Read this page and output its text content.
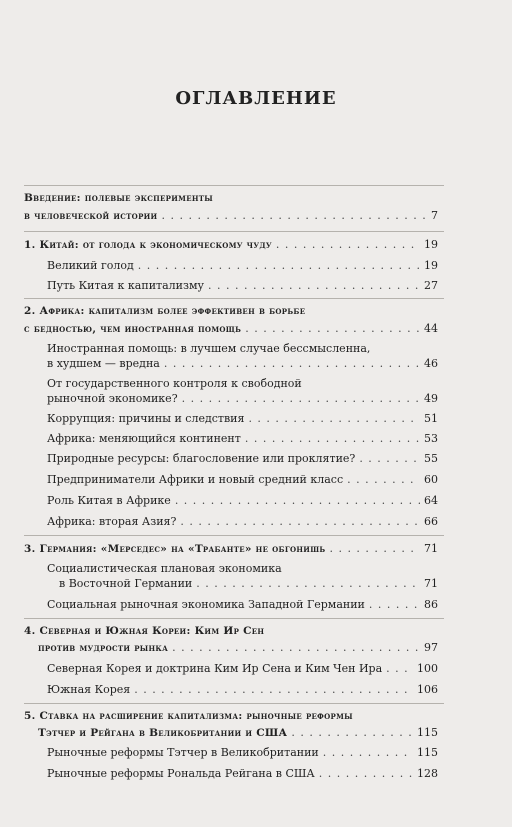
ОГЛАВЛЕНИЕ
Введение: полевые эксперименты
в человеческой истории . . .	7
1. Китай: от голода к экономическому чуду . . .	19
Великий голод . . .	19
Путь Китая к капитализму . . .	27
2. Африка: капитализм более эффективен в борьбе
с бедностью, чем иностранная помощь . . .	44
Иностранная помощь: в лучшем случае бессмысленна,
в худшем — вредна . . .	46
От государственного контроля к свободной
рыночной экономике? . . .	49
Коррупция: причины и следствия . . .	51
Африка: меняющийся континент . . .	53
Природные ресурсы: благословение или проклятие? . . .	55
Предприниматели Африки и новый средний класс . . .	60
Роль Китая в Африке . . .	64
Африка: вторая Азия? . . .	66
3. Германия: «Мерседес» на «Трабанте» не обгонишь . . .	71
Социалистическая плановая экономика
в Восточной Германии . . .	71
Социальная рыночная экономика Западной Германии . . .	86
4. Северная и Южная Кореи: Ким Ир Сен
против мудрости рынка . . .	97
Северная Корея и доктрина Ким Ир Сена и Ким Чен Ира . . .	100
Южная Корея . . .	106
5. Ставка на расширение капитализма: рыночные реформы
Тэтчер и Рейгана в Великобритании и США . . .	115
Рыночные реформы Тэтчер в Великобритании . . .	115
Рыночные реформы Рональда Рейгана в США . . .	128
